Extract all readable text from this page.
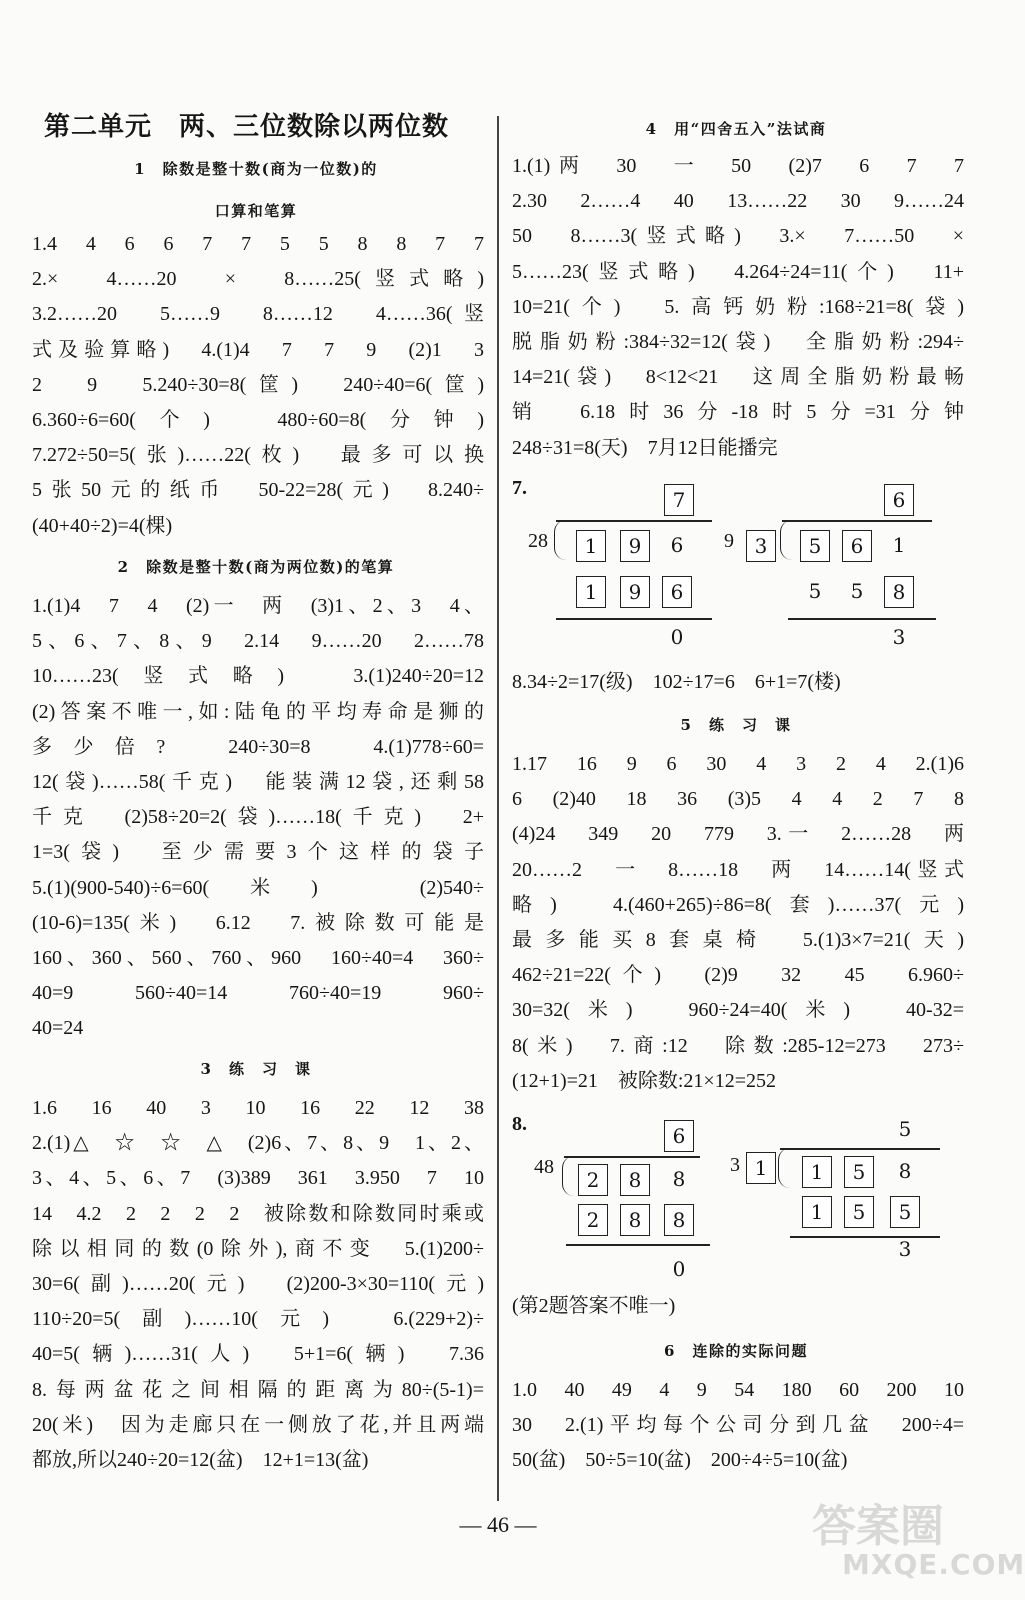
第二单元　两、三位数除以两位数
1　除数是整十数(商为一位数)的
口算和笔算
1.4　4　6　6　7　7　5　5　8　8　7　7
2.×　4……20　×　8……25(竖式略)
3.2……20　5……9　8……12　4……36(竖
式及验算略)　4.(1)4　7　7　9　(2)1　3
2　9　5.240÷30=8(筐)　240÷40=6(筐)
6.360÷6=60(个)　480÷60=8(分钟)
7.272÷50=5(张)……22(枚)　最多可以换
5张50元的纸币　50-22=28(元)　8.240÷
(40+40÷2)=4(棵)
2　除数是整十数(商为两位数)的笔算
1.(1)4　7　4　(2)一　两　(3)1、2、3　4、
5、6、7、8、9　2.14　9……20　2……78
10……23(竖式略)　3.(1)240÷20=12
(2)答案不唯一,如:陆龟的平均寿命是狮的
多少倍?　240÷30=8　4.(1)778÷60=
12(袋)……58(千克)　能装满12袋,还剩58
千克　(2)58÷20=2(袋)……18(千克)　2+
1=3(袋)　至少需要3个这样的袋子
5.(1)(900-540)÷6=60(米)　(2)540÷
(10-6)=135(米)　6.12　7.被除数可能是
160、360、560、760、960　160÷40=4　360÷
40=9　560÷40=14　760÷40=19　960÷
40=24
3　练　习　课
1.6　16　40　3　10　16　22　12　38
2.(1)△　☆　☆　△　(2)6、7、8、9　1、2、
3、4、5、6、7　(3)389　361　3.950　7　10
14　4.2　2　2　2　2　被除数和除数同时乘或
除以相同的数(0除外),商不变　5.(1)200÷
30=6(副)……20(元)　(2)200-3×30=110(元)
110÷20=5(副)……10(元)　6.(229+2)÷
40=5(辆)……31(人)　5+1=6(辆)　7.36
8.每两盆花之间相隔的距离为80÷(5-1)=
20(米)　因为走廊只在一侧放了花,并且两端
都放,所以240÷20=12(盆)　12+1=13(盆)
4　用“四舍五入”法试商
1.(1)两　30　一　50　(2)7　6　7　7
2.30　2……4　40　13……22　30　9……24
50　8……3(竖式略)　3.×　7……50　×
5……23(竖式略)　4.264÷24=11(个)　11+
10=21(个)　5.高钙奶粉:168÷21=8(袋)
脱脂奶粉:384÷32=12(袋)　全脂奶粉:294÷
14=21(袋)　8<12<21　这周全脂奶粉最畅
销　6.18时36分-18时5分=31分钟
248÷31=8(天)　7月12日能播完
7.	7
28	1	9	6
1	9	6
0
6
9	3	5	6	1
5	5	8
3
8.34÷2=17(级)　102÷17=6　6+1=7(楼)
5　练　习　课
1.17　16　9　6　30　4　3　2　4　2.(1)6
6　(2)40　18　36　(3)5　4　4　2　7　8
(4)24　349　20　779　3.一　2……28　两
20……2　一　8……18　两　14……14(竖式
略)　4.(460+265)÷86=8(套)……37(元)
最多能买8套桌椅　5.(1)3×7=21(天)
462÷21=22(个)　(2)9　32　45　6.960÷
30=32(米)　960÷24=40(米)　40-32=
8(米)　7.商:12　除数:285-12=273　273÷
(12+1)=21　被除数:21×12=252
8.	6
48
2	8	8
2	8	8
0
5
3 1	1	5	8
1	5	5
3
(第2题答案不唯一)
6　连除的实际问题
1.0　40　49　4　9　54　180　60　200　10
30　2.(1)平均每个公司分到几盆　200÷4=
50(盆)　50÷5=10(盆)　200÷4÷5=10(盆)
— 46 —	答案圈
MXQE.COM
